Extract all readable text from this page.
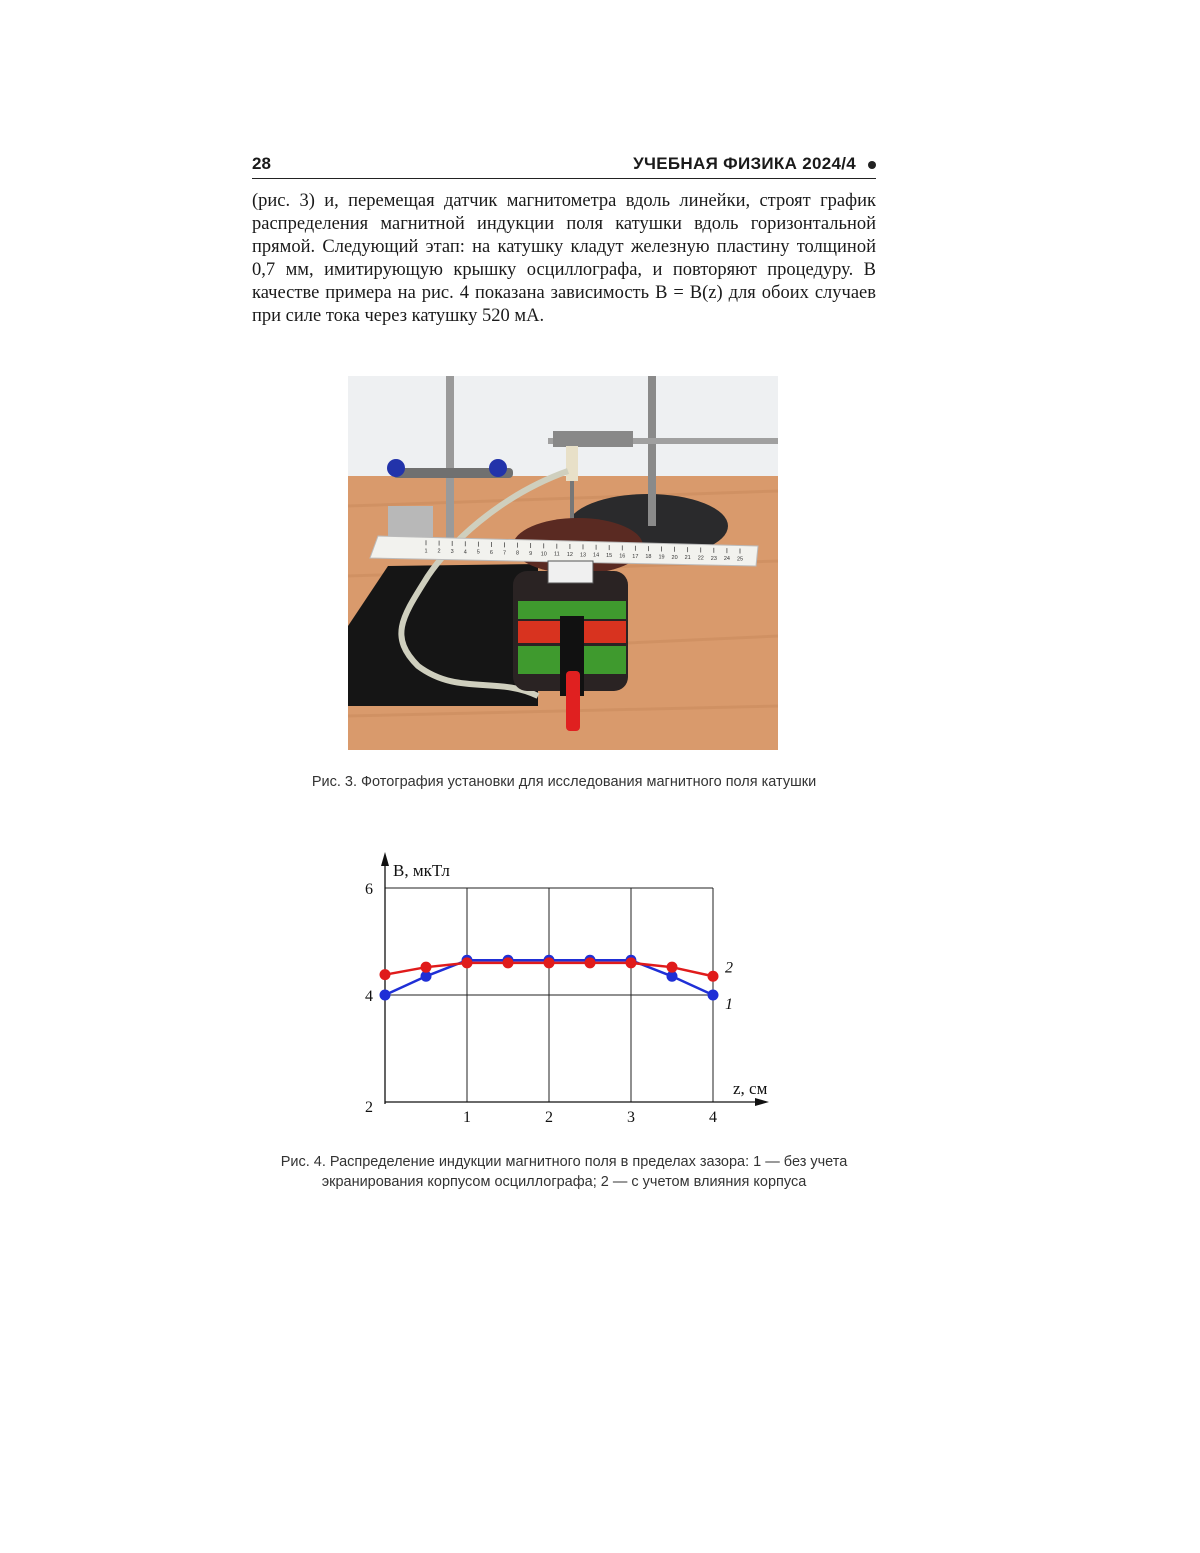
28	УЧЕБНАЯ ФИЗИКА 2024/4

(рис. 3) и, перемещая датчик магнитометра вдоль линейки, строят график распределения магнитной индукции поля катушки вдоль горизонтальной прямой. Следующий этап: на катушку кладут железную пластину толщиной 0,7 мм, имитирующую крышку осциллографа, и повторяют процедуру. В качестве примера на рис. 4 показана зависимость B = B(z) для обоих случаев при силе тока через катушку 520 мА.

1 2 3 4 5 6 7 8 9 10 11 12 13 14 15 16 17 18 19 20 21 22 23 24 25
Рис. 3. Фотография установки для исследования магнитного поля катушки
B, мкТл
z, см
1	2	3	4
2
4
6
1
2
Рис. 4. Распределение индукции магнитного поля в пределах зазора: 1 — без учета экранирования корпусом осциллографа; 2 — с учетом влияния корпуса
